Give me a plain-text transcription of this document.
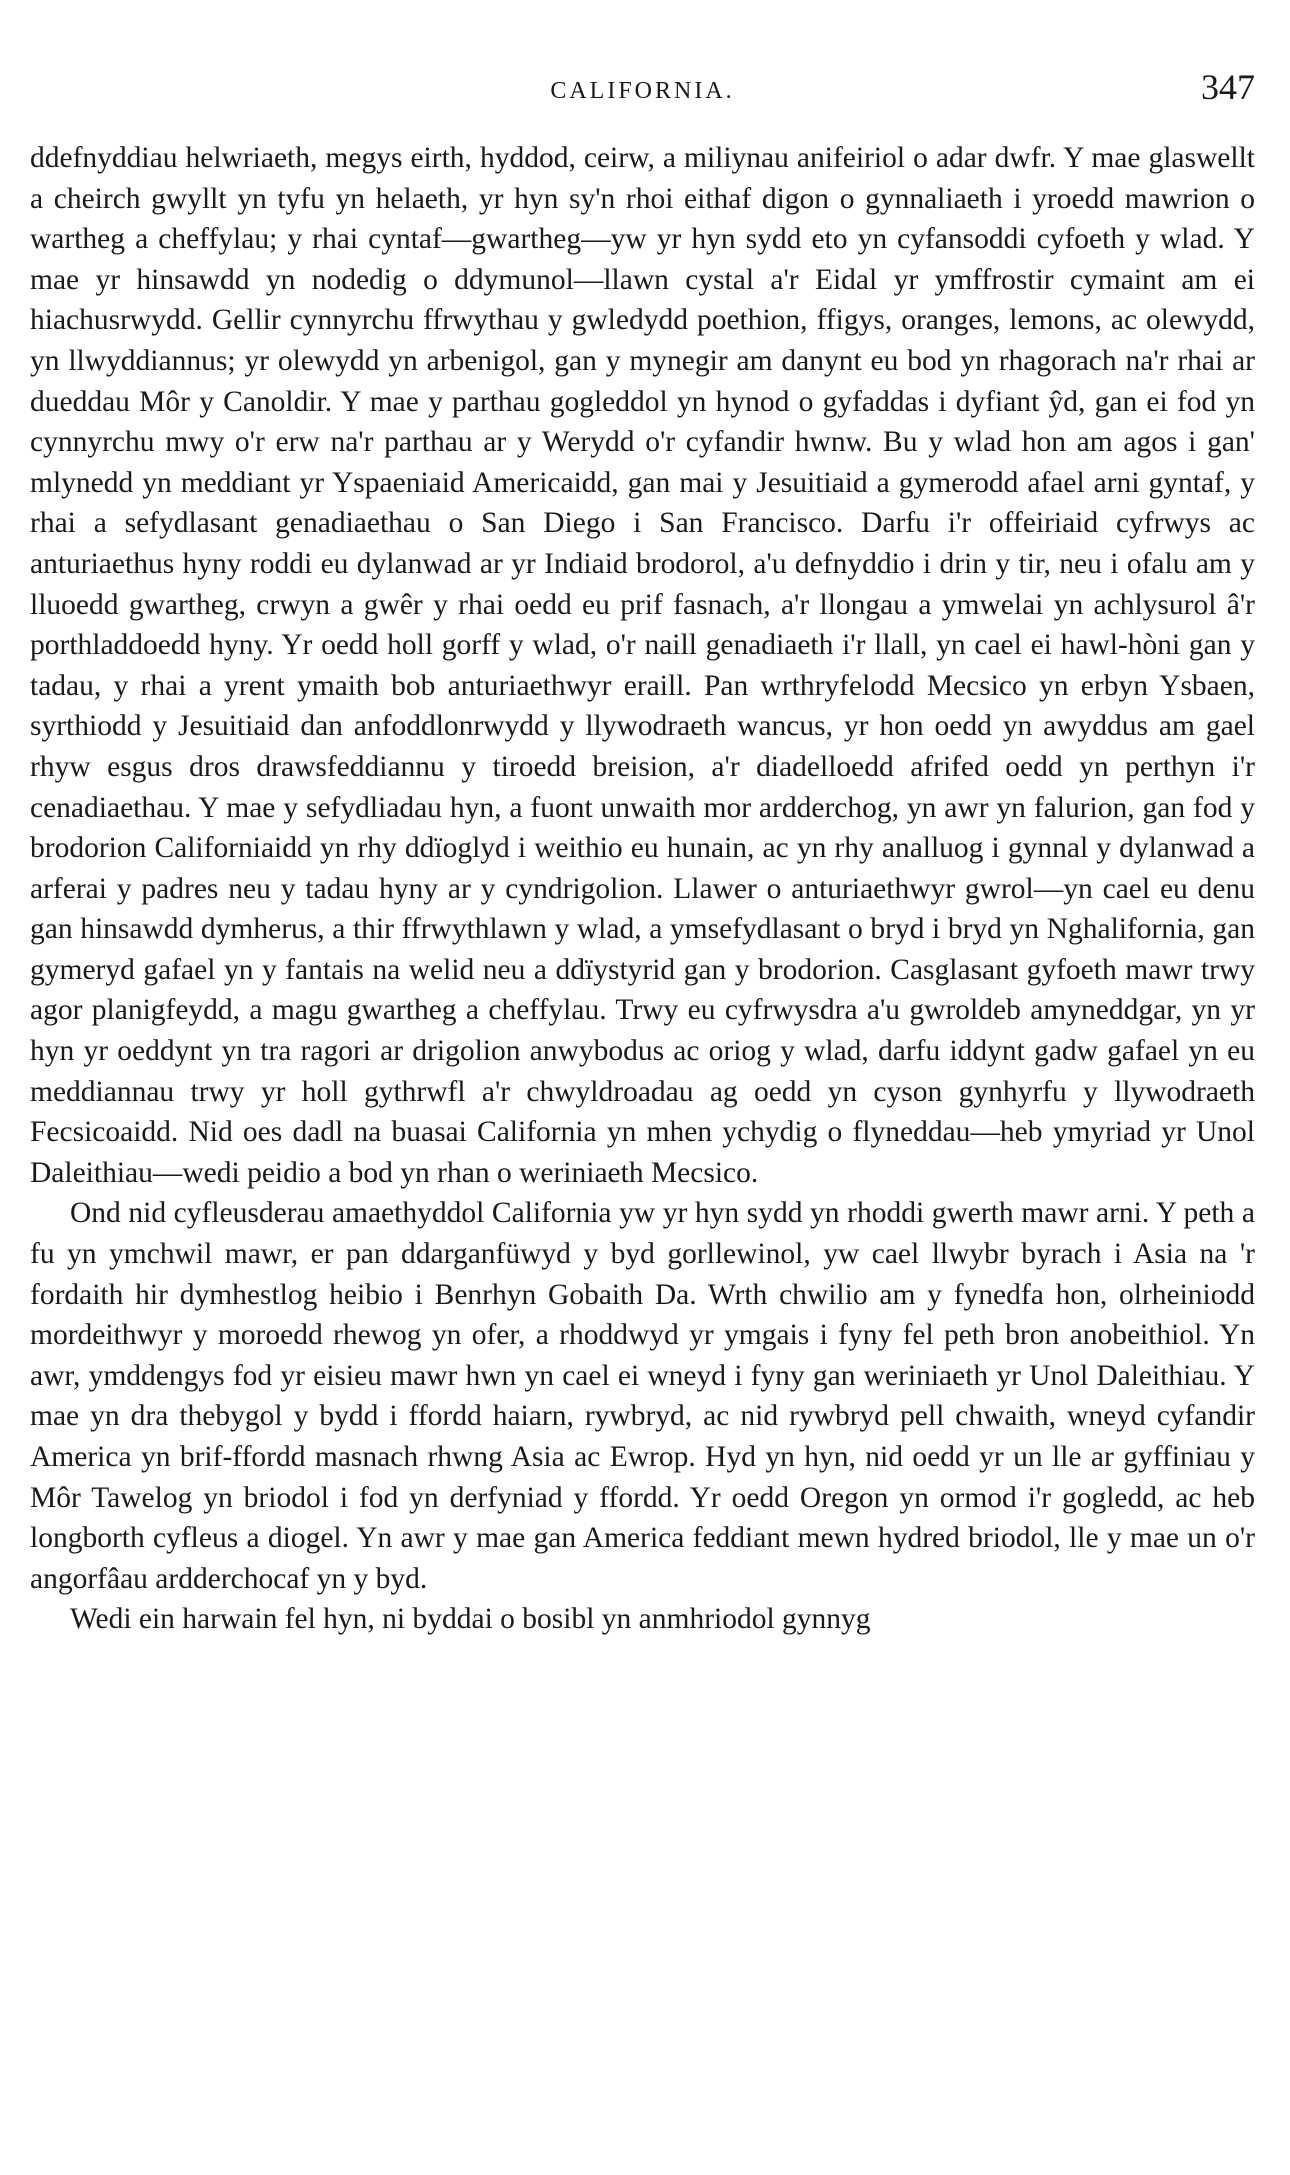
CALIFORNIA.	347

ddefnyddiau helwriaeth, megys eirth, hyddod, ceirw, a miliynau anifeiriol o adar dwfr. Y mae glaswellt a cheirch gwyllt yn tyfu yn helaeth, yr hyn sy'n rhoi eithaf digon o gynnaliaeth i yroedd mawrion o wartheg a cheffylau; y rhai cyntaf—gwartheg—yw yr hyn sydd eto yn cyfansoddi cyfoeth y wlad. Y mae yr hinsawdd yn nodedig o ddymunol—llawn cystal a'r Eidal yr ymffrostir cymaint am ei hiachusrwydd. Gellir cynnyrchu ffrwythau y gwledydd poethion, ffigys, oranges, lemons, ac olewydd, yn llwyddiannus; yr olewydd yn arbenigol, gan y mynegir am danynt eu bod yn rhagorach na'r rhai ar dueddau Môr y Canoldir. Y mae y parthau gogleddol yn hynod o gyfaddas i dyfiant ŷd, gan ei fod yn cynnyrchu mwy o'r erw na'r parthau ar y Werydd o'r cyfandir hwnw. Bu y wlad hon am agos i gan' mlynedd yn meddiant yr Yspaeniaid Americaidd, gan mai y Jesuitiaid a gymerodd afael arni gyntaf, y rhai a sefydlasant genadiaethau o San Diego i San Francisco. Darfu i'r offeiriaid cyfrwys ac anturiaethus hyny roddi eu dylanwad ar yr Indiaid brodorol, a'u defnyddio i drin y tir, neu i ofalu am y lluoedd gwartheg, crwyn a gwêr y rhai oedd eu prif fasnach, a'r llongau a ymwelai yn achlysurol â'r porthladdoedd hyny. Yr oedd holl gorff y wlad, o'r naill genadiaeth i'r llall, yn cael ei hawl-hòni gan y tadau, y rhai a yrent ymaith bob anturiaethwyr eraill. Pan wrthryfelodd Mecsico yn erbyn Ysbaen, syrthiodd y Jesuitiaid dan anfoddlonrwydd y llywodraeth wancus, yr hon oedd yn awyddus am gael rhyw esgus dros drawsfeddiannu y tiroedd breision, a'r diadelloedd afrifed oedd yn perthyn i'r cenadiaethau. Y mae y sefydliadau hyn, a fuont unwaith mor ardderchog, yn awr yn falurion, gan fod y brodorion Californiaidd yn rhy ddïoglyd i weithio eu hunain, ac yn rhy analluog i gynnal y dylanwad a arferai y padres neu y tadau hyny ar y cyndrigolion. Llawer o anturiaethwyr gwrol—yn cael eu denu gan hinsawdd dymherus, a thir ffrwythlawn y wlad, a ymsefydlasant o bryd i bryd yn Nghalifornia, gan gymeryd gafael yn y fantais na welid neu a ddïystyrid gan y brodorion. Casglasant gyfoeth mawr trwy agor planigfeydd, a magu gwartheg a cheffylau. Trwy eu cyfrwysdra a'u gwroldeb amyneddgar, yn yr hyn yr oeddynt yn tra ragori ar drigolion anwybodus ac oriog y wlad, darfu iddynt gadw gafael yn eu meddiannau trwy yr holl gythrwfl a'r chwyldroadau ag oedd yn cyson gynhyrfu y llywodraeth Fecsicoaidd. Nid oes dadl na buasai California yn mhen ychydig o flyneddau—heb ymyriad yr Unol Daleithiau—wedi peidio a bod yn rhan o weriniaeth Mecsico.

Ond nid cyfleusderau amaethyddol California yw yr hyn sydd yn rhoddi gwerth mawr arni. Y peth a fu yn ymchwil mawr, er pan ddarganfüwyd y byd gorllewinol, yw cael llwybr byrach i Asia na 'r fordaith hir dymhestlog heibio i Benrhyn Gobaith Da. Wrth chwilio am y fynedfa hon, olrheiniodd mordeithwyr y moroedd rhewog yn ofer, a rhoddwyd yr ymgais i fyny fel peth bron anobeithiol. Yn awr, ymddengys fod yr eisieu mawr hwn yn cael ei wneyd i fyny gan weriniaeth yr Unol Daleithiau. Y mae yn dra thebygol y bydd i ffordd haiarn, rywbryd, ac nid rywbryd pell chwaith, wneyd cyfandir America yn brif-ffordd masnach rhwng Asia ac Ewrop. Hyd yn hyn, nid oedd yr un lle ar gyffiniau y Môr Tawelog yn briodol i fod yn derfyniad y ffordd. Yr oedd Oregon yn ormod i'r gogledd, ac heb longborth cyfleus a diogel. Yn awr y mae gan America feddiant mewn hydred briodol, lle y mae un o'r angorfâau ardderchocaf yn y byd.

Wedi ein harwain fel hyn, ni byddai o bosibl yn anmhriodol gynnyg
